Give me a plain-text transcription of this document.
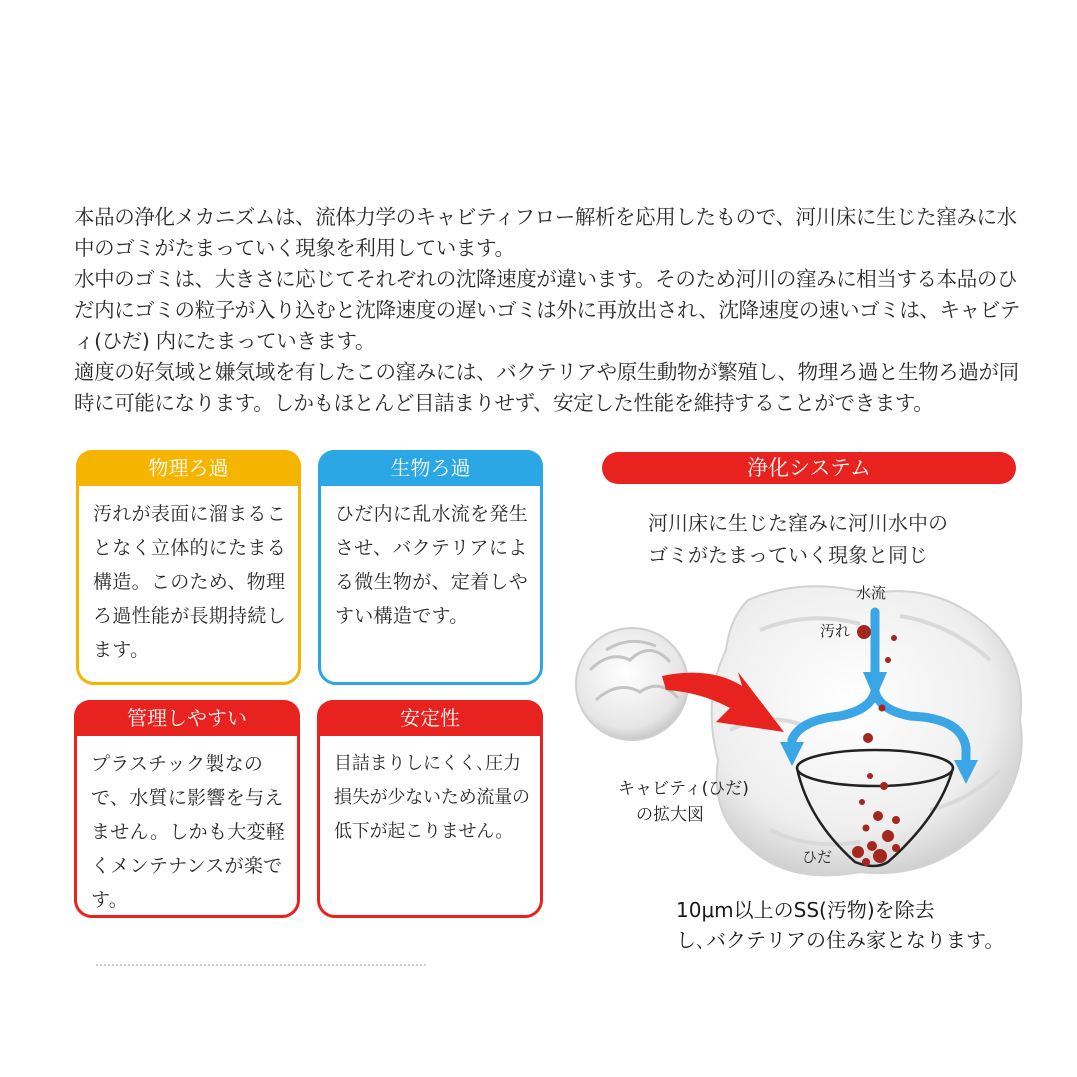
本品の浄化メカニズムは、流体力学のキャビティフロー解析を応用したもので、河川床に生じた窪みに水中のゴミがたまっていく現象を利用しています。

水中のゴミは、大きさに応じてそれぞれの沈降速度が違います。そのため河川の窪みに相当する本品のひだ内にゴミの粒子が入り込むと沈降速度の遅いゴミは外に再放出され、沈降速度の速いゴミは、キャビティ(ひだ) 内にたまっていきます。

適度の好気域と嫌気域を有したこの窪みには、バクテリアや原生動物が繁殖し、物理ろ過と生物ろ過が同時に可能になります。しかもほとんど目詰まりせず、安定した性能を維持することができます。

物理ろ過
汚れが表面に溜まることなく立体的にたまる構造。このため、物理ろ過性能が長期持続します。
生物ろ過
ひだ内に乱水流を発生させ、バクテリアによる微生物が、定着しやすい構造です。
管理しやすい
プラスチック製なので、水質に影響を与えません。しかも大変軽くメンテナンスが楽です。
安定性
目詰まりしにくく､圧力損失が少ないため流量の低下が起こりません。
浄化システム
河川床に生じた窪みに河川水中の
ゴミがたまっていく現象と同じ
水流
汚れ
キャビティ(ひだ)
の拡大図
ひだ
10μm以上のSS(汚物)を除去
し､バクテリアの住み家となります。
